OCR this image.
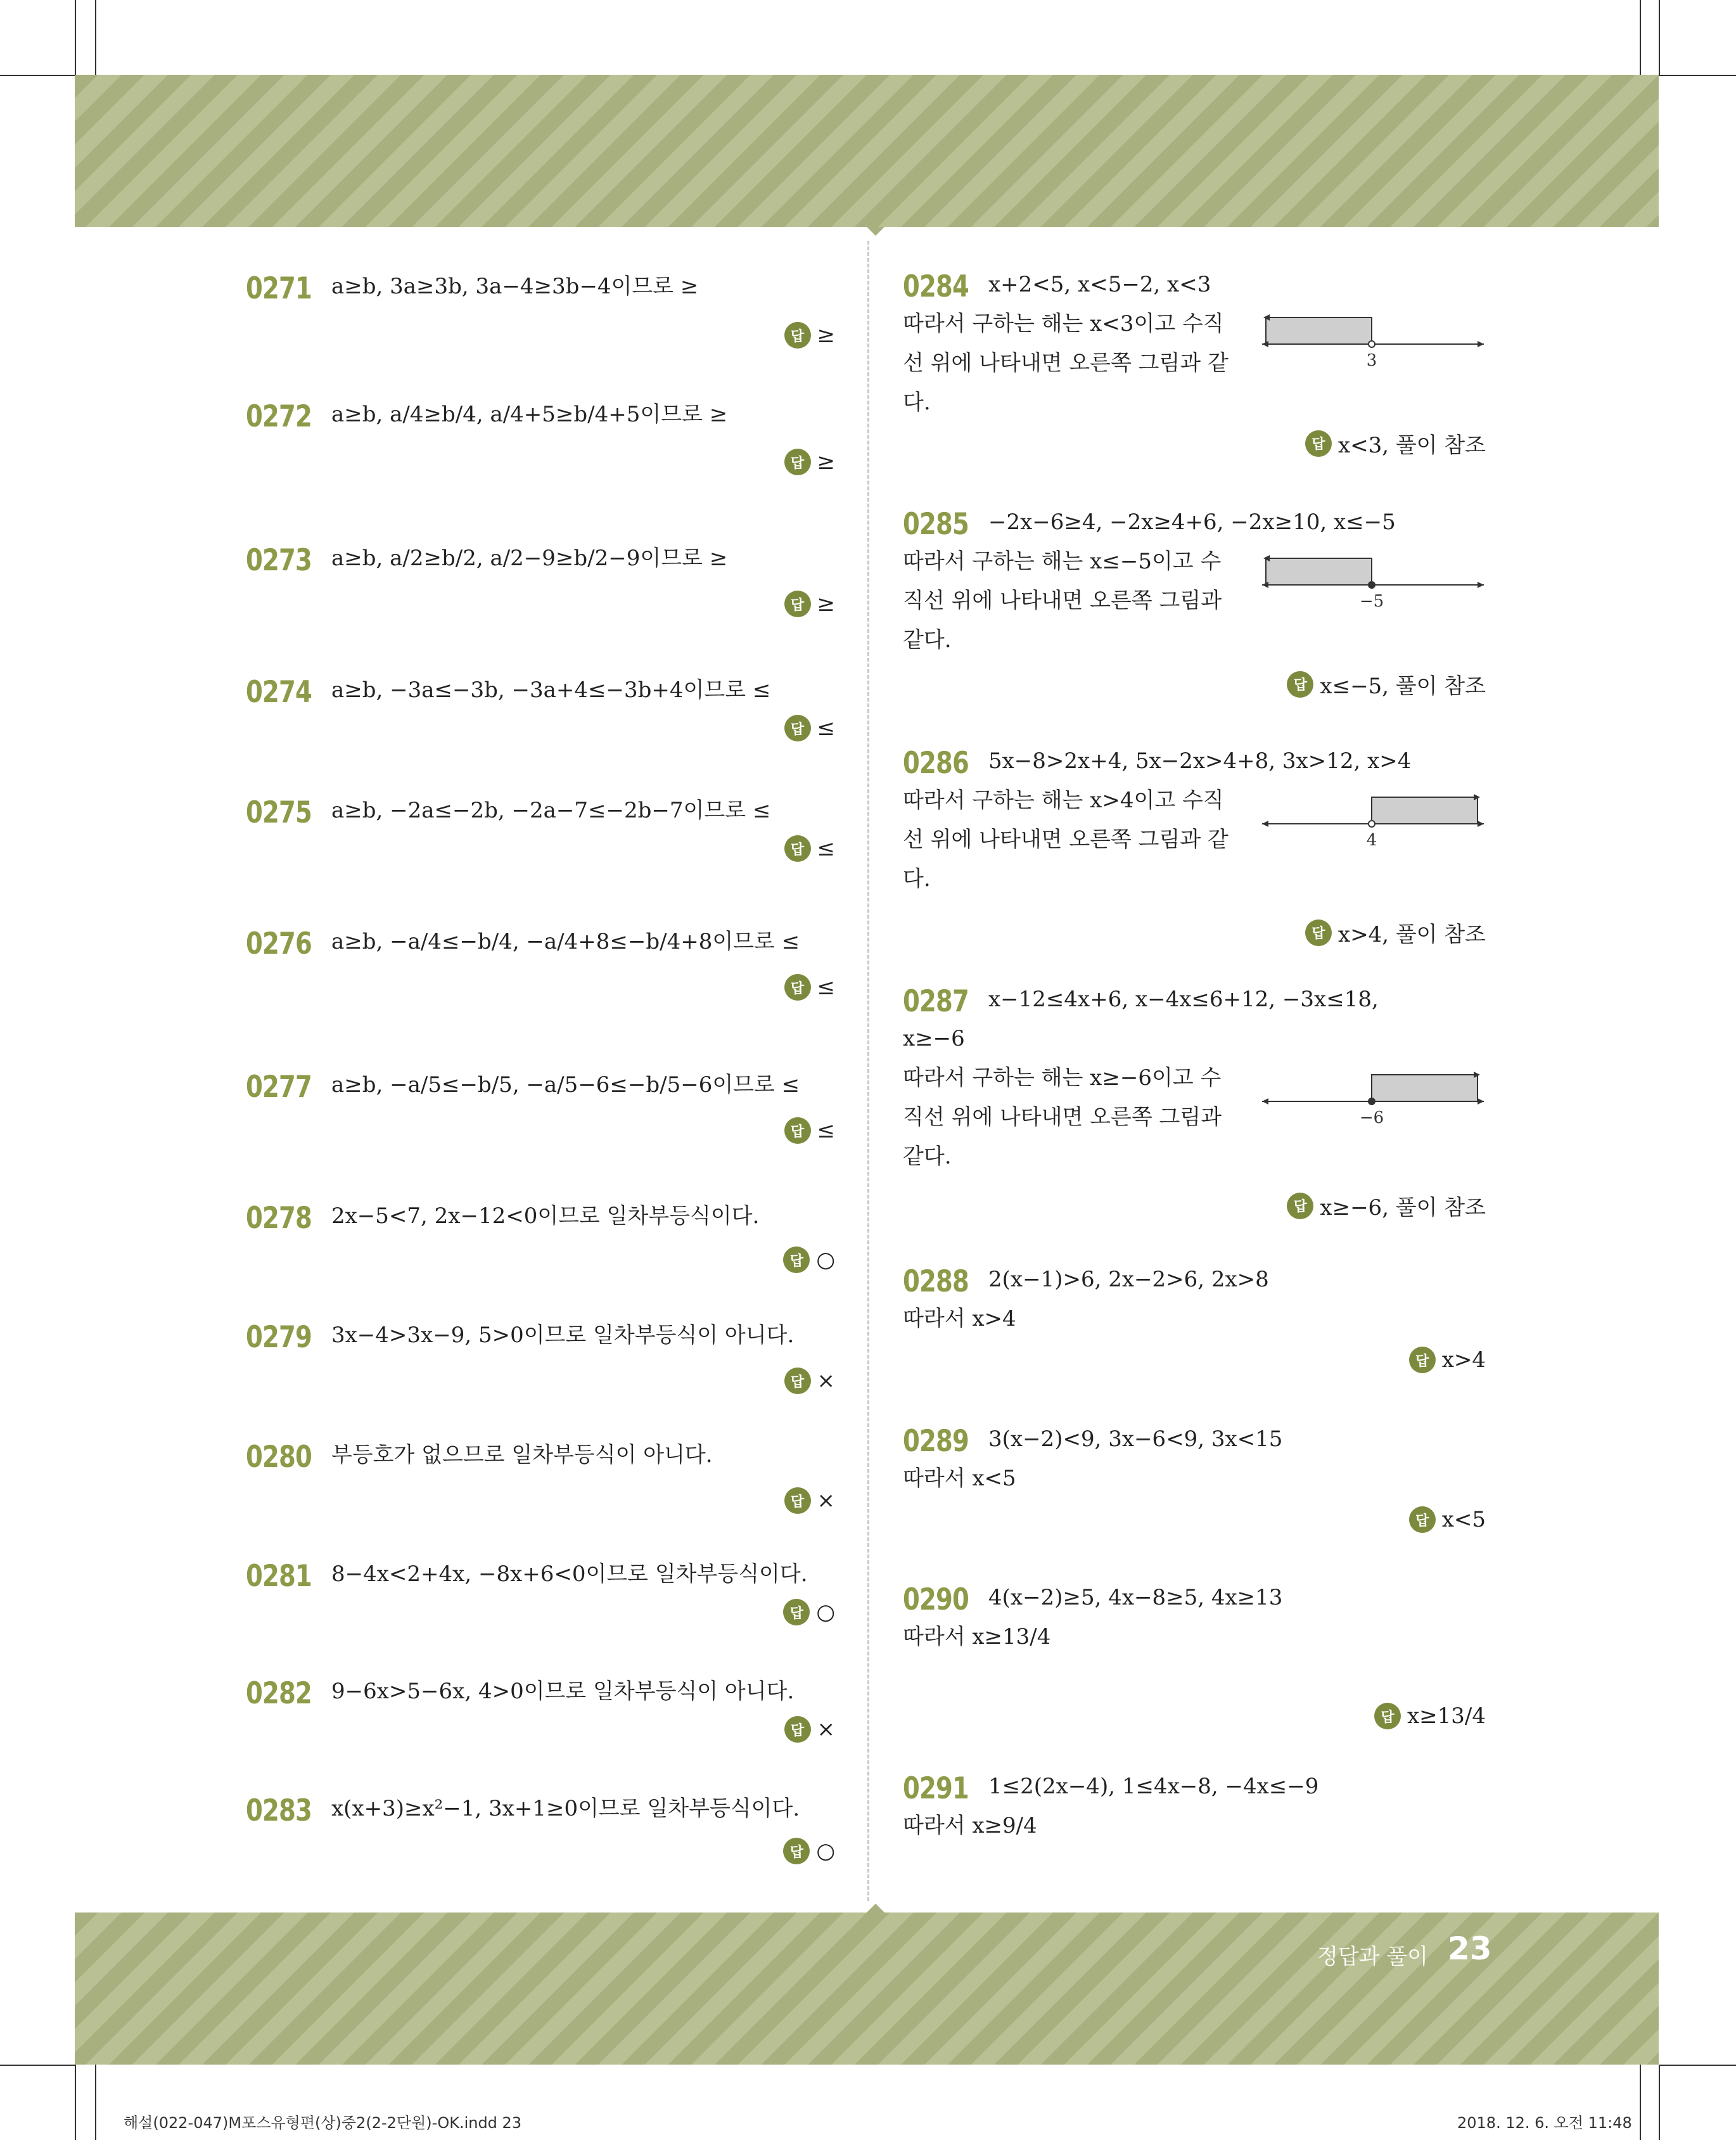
정답과 풀이 23
해설(022-047)M포스유형편(상)중2(2-2단원)-OK.indd 23	2018. 12. 6. 오전 11:48
0271 a≥b, 3a≥3b, 3a−4≥3b−4이므로 ≥
답 ≥
0272 a≥b, a/4≥b/4, a/4+5≥b/4+5이므로 ≥
답 ≥
0273 a≥b, a/2≥b/2, a/2−9≥b/2−9이므로 ≥
답 ≥
0274 a≥b, −3a≤−3b, −3a+4≤−3b+4이므로 ≤
답 ≤
0275 a≥b, −2a≤−2b, −2a−7≤−2b−7이므로 ≤
답 ≤
0276 a≥b, −a/4≤−b/4, −a/4+8≤−b/4+8이므로 ≤
답 ≤
0277 a≥b, −a/5≤−b/5, −a/5−6≤−b/5−6이므로 ≤
답 ≤
0278 2x−5<7, 2x−12<0이므로 일차부등식이다.
답 ○
0279 3x−4>3x−9, 5>0이므로 일차부등식이 아니다.
답 ×
0280 부등호가 없으므로 일차부등식이 아니다.
답 ×
0281 8−4x<2+4x, −8x+6<0이므로 일차부등식이다.
답 ○
0282 9−6x>5−6x, 4>0이므로 일차부등식이 아니다.
답 ×
0283 x(x+3)≥x²−1, 3x+1≥0이므로 일차부등식이다.
답 ○
0284 x+2<5, x<5−2, x<3
따라서 구하는 해는 x<3이고 수직
선 위에 나타내면 오른쪽 그림과 같
다.
답 x<3, 풀이 참조
0285 −2x−6≥4, −2x≥4+6, −2x≥10, x≤−5
따라서 구하는 해는 x≤−5이고 수
직선 위에 나타내면 오른쪽 그림과
같다.
답 x≤−5, 풀이 참조
0286 5x−8>2x+4, 5x−2x>4+8, 3x>12, x>4
따라서 구하는 해는 x>4이고 수직
선 위에 나타내면 오른쪽 그림과 같
다.
답 x>4, 풀이 참조
0287 x−12≤4x+6, x−4x≤6+12, −3x≤18,
x≥−6
따라서 구하는 해는 x≥−6이고 수
직선 위에 나타내면 오른쪽 그림과
같다.
답 x≥−6, 풀이 참조
0288 2(x−1)>6, 2x−2>6, 2x>8
따라서 x>4
답 x>4
0289 3(x−2)<9, 3x−6<9, 3x<15
따라서 x<5
답 x<5
0290 4(x−2)≥5, 4x−8≥5, 4x≥13
따라서 x≥13/4
답 x≥13/4
0291 1≤2(2x−4), 1≤4x−8, −4x≤−9
따라서 x≥9/4
3
−5
4
−6
